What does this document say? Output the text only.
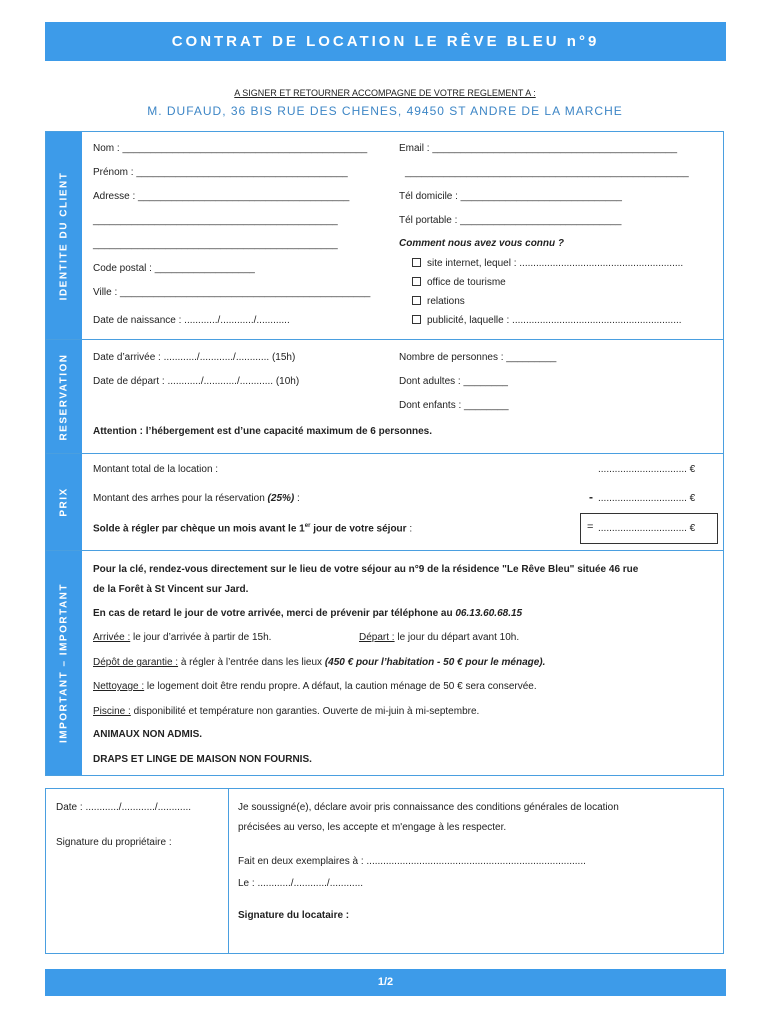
CONTRAT DE LOCATION LE RÊVE BLEU n°9
A SIGNER ET RETOURNER ACCOMPAGNE DE VOTRE REGLEMENT A :
M. DUFAUD, 36 BIS RUE DES CHENES, 49450 ST ANDRE DE LA MARCHE
IDENTITE DU CLIENT
Nom : ____________________________________________
Prénom : ______________________________________
Adresse : ______________________________________
____________________________________________
____________________________________________
Code postal : __________________
Ville : _____________________________________________
Date de naissance : ............/............/............
Email : ____________________________________________
___________________________________________________
Tél domicile : _____________________________
Tél portable : _____________________________
Comment nous avez vous connu ?
site internet, lequel : ...........................................................
office de tourisme
relations
publicité, laquelle : .............................................................
RESERVATION Date d’arrivée : ............/............/............ (15h)
Date de départ : ............/............/............ (10h)
Nombre de personnes : _________
Dont adultes : ________
Dont enfants : ________
Attention : l’hébergement est d’une capacité maximum de 6 personnes.
PRIX
Montant total de la location :	................................ €
Montant des arrhes pour la réservation (25%) :	- ................................ €
Solde à régler par chèque un mois avant le 1er jour de votre séjour :	= ................................ €
IMPORTANT – IMPORTANT
Pour la clé, rendez-vous directement sur le lieu de votre séjour au n°9 de la résidence "Le Rêve Bleu" située 46 rue
de la Forêt à St Vincent sur Jard.
En cas de retard le jour de votre arrivée, merci de prévenir par téléphone au 06.13.60.68.15
Arrivée : le jour d’arrivée à partir de 15h.	Départ : le jour du départ avant 10h.
Dépôt de garantie : à régler à l’entrée dans les lieux (450 € pour l’habitation - 50 € pour le ménage).
Nettoyage : le logement doit être rendu propre. A défaut, la caution ménage de 50 € sera conservée.
Piscine : disponibilité et température non garanties. Ouverte de mi-juin à mi-septembre.
ANIMAUX NON ADMIS.
DRAPS ET LINGE DE MAISON NON FOURNIS.
Date : ............/............/............
Signature du propriétaire :
Je soussigné(e), déclare avoir pris connaissance des conditions générales de location
précisées au verso, les accepte et m'engage à les respecter.
Fait en deux exemplaires à : ...............................................................................
Le : ............/............/............
Signature du locataire :
1/2
